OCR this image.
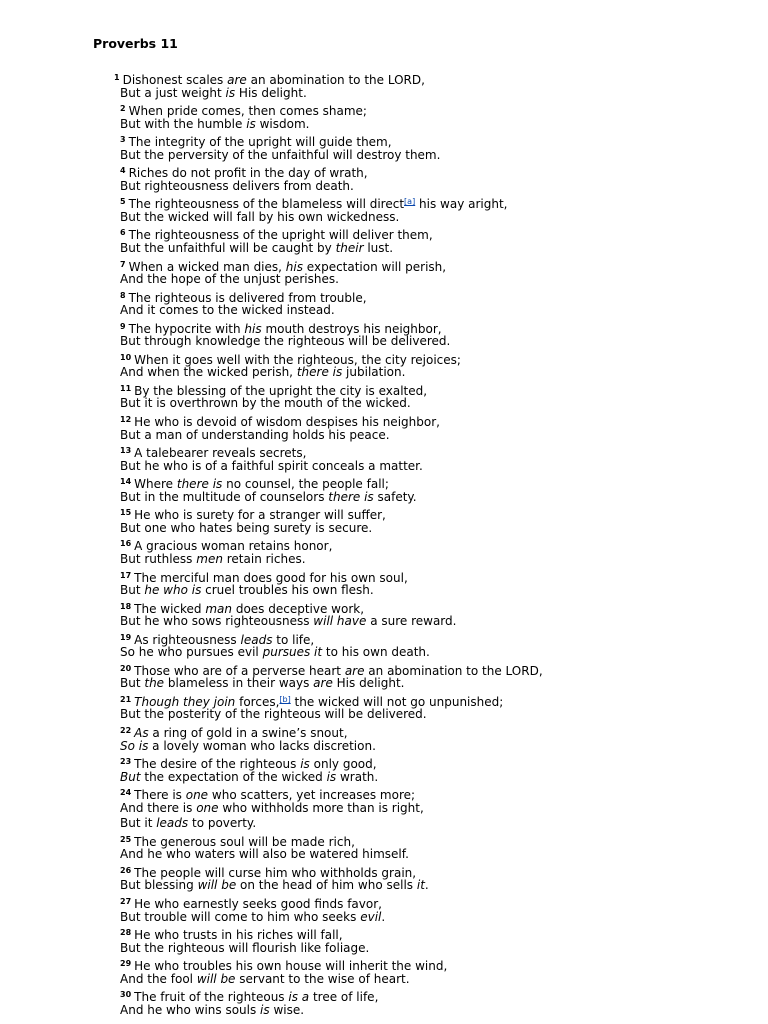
Proverbs 11
$^1$ Dishonest scales are an abomination to the LORD,
But a just weight is His delight.
$^2$ When pride comes, then comes shame;
But with the humble is wisdom.
$^3$ The integrity of the upright will guide them,
But the perversity of the unfaithful will destroy them.
$^4$ Riches do not profit in the day of wrath,
But righteousness delivers from death.
$^5$ The righteousness of the blameless will direct[a] his way aright,
But the wicked will fall by his own wickedness.
$^6$ The righteousness of the upright will deliver them,
But the unfaithful will be caught by their lust.
$^7$ When a wicked man dies, his expectation will perish,
And the hope of the unjust perishes.
$^8$ The righteous is delivered from trouble,
And it comes to the wicked instead.
$^9$ The hypocrite with his mouth destroys his neighbor,
But through knowledge the righteous will be delivered.
$^{10}$ When it goes well with the righteous, the city rejoices;
And when the wicked perish, there is jubilation.
$^{11}$ By the blessing of the upright the city is exalted,
But it is overthrown by the mouth of the wicked.
$^{12}$ He who is devoid of wisdom despises his neighbor,
But a man of understanding holds his peace.
$^{13}$ A talebearer reveals secrets,
But he who is of a faithful spirit conceals a matter.
$^{14}$ Where there is no counsel, the people fall;
But in the multitude of counselors there is safety.
$^{15}$ He who is surety for a stranger will suffer,
But one who hates being surety is secure.
$^{16}$ A gracious woman retains honor,
But ruthless men retain riches.
$^{17}$ The merciful man does good for his own soul,
But he who is cruel troubles his own flesh.
$^{18}$ The wicked man does deceptive work,
But he who sows righteousness will have a sure reward.
$^{19}$ As righteousness leads to life,
So he who pursues evil pursues it to his own death.
$^{20}$ Those who are of a perverse heart are an abomination to the LORD,
But the blameless in their ways are His delight.
$^{21}$ Though they join forces,[b] the wicked will not go unpunished;
But the posterity of the righteous will be delivered.
$^{22}$ As a ring of gold in a swine’s snout,
So is a lovely woman who lacks discretion.
$^{23}$ The desire of the righteous is only good,
But the expectation of the wicked is wrath.
$^{24}$ There is one who scatters, yet increases more;
And there is one who withholds more than is right,
But it leads to poverty.
$^{25}$ The generous soul will be made rich,
And he who waters will also be watered himself.
$^{26}$ The people will curse him who withholds grain,
But blessing will be on the head of him who sells it.
$^{27}$ He who earnestly seeks good finds favor,
But trouble will come to him who seeks evil.
$^{28}$ He who trusts in his riches will fall,
But the righteous will flourish like foliage.
$^{29}$ He who troubles his own house will inherit the wind,
And the fool will be servant to the wise of heart.
$^{30}$ The fruit of the righteous is a tree of life,
And he who wins souls is wise.
